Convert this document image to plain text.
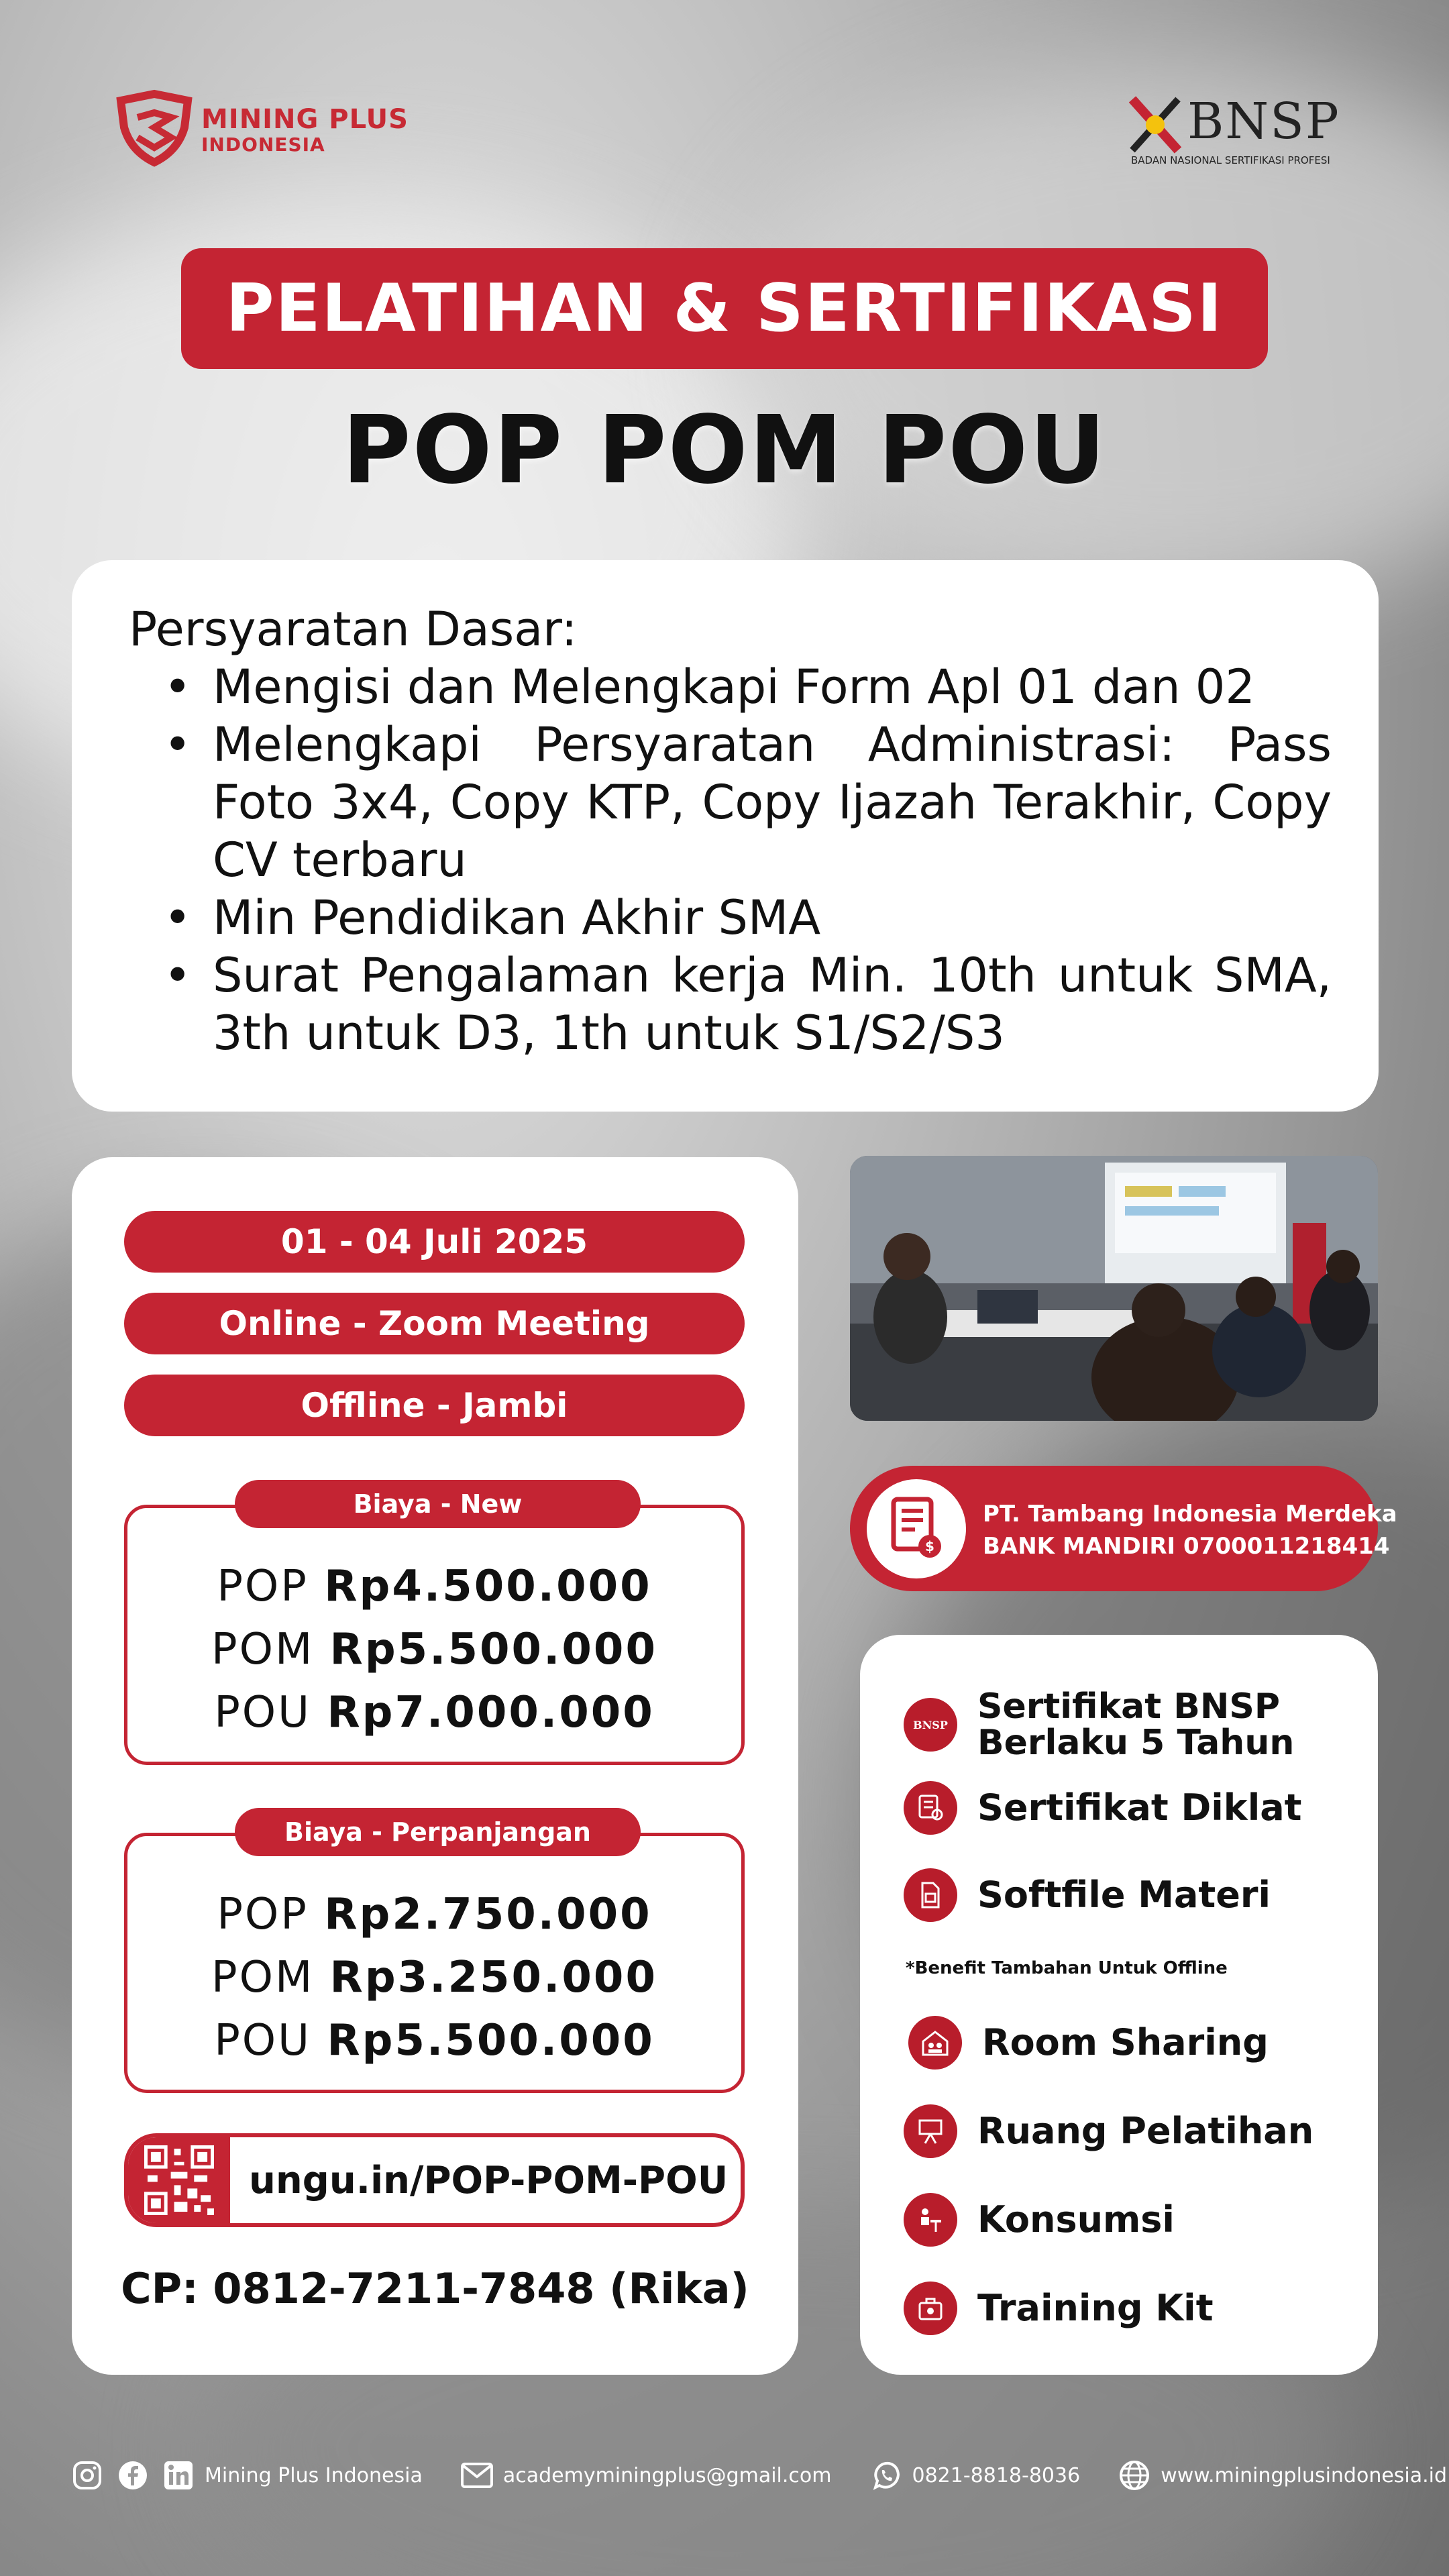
MINING PLUS
INDONESIA	BNSP
BADAN NASIONAL SERTIFIKASI PROFESI
PELATIHAN & SERTIFIKASI
POP POM POU
Persyaratan Dasar:
• Mengisi dan Melengkapi Form Apl 01 dan 02
• Melengkapi Persyaratan Administrasi: Pass Foto 3x4, Copy KTP, Copy Ijazah Terakhir, Copy CV terbaru
• Min Pendidikan Akhir SMA
• Surat Pengalaman kerja Min. 10th untuk SMA, 3th untuk D3, 1th untuk S1/S2/S3
01 - 04 Juli 2025
Online - Zoom Meeting
Offline - Jambi
Biaya - New
POP Rp4.500.000
POM Rp5.500.000
POU Rp7.000.000
Biaya - Perpanjangan
POP Rp2.750.000
POM Rp3.250.000
POU Rp5.500.000
ungu.in/POP-POM-POU
CP: 0812-7211-7848 (Rika)
$
PT. Tambang Indonesia Merdeka
BANK MANDIRI 0700011218414
BNSP Sertifikat BNSP
Berlaku 5 Tahun
Sertifikat Diklat
Softfile Materi
*Benefit Tambahan Untuk Offline
Room Sharing
Ruang Pelatihan
Konsumsi
Training Kit
Mining Plus Indonesia	academyminingplus@gmail.com	0821-8818-8036	www.miningplusindonesia.id
